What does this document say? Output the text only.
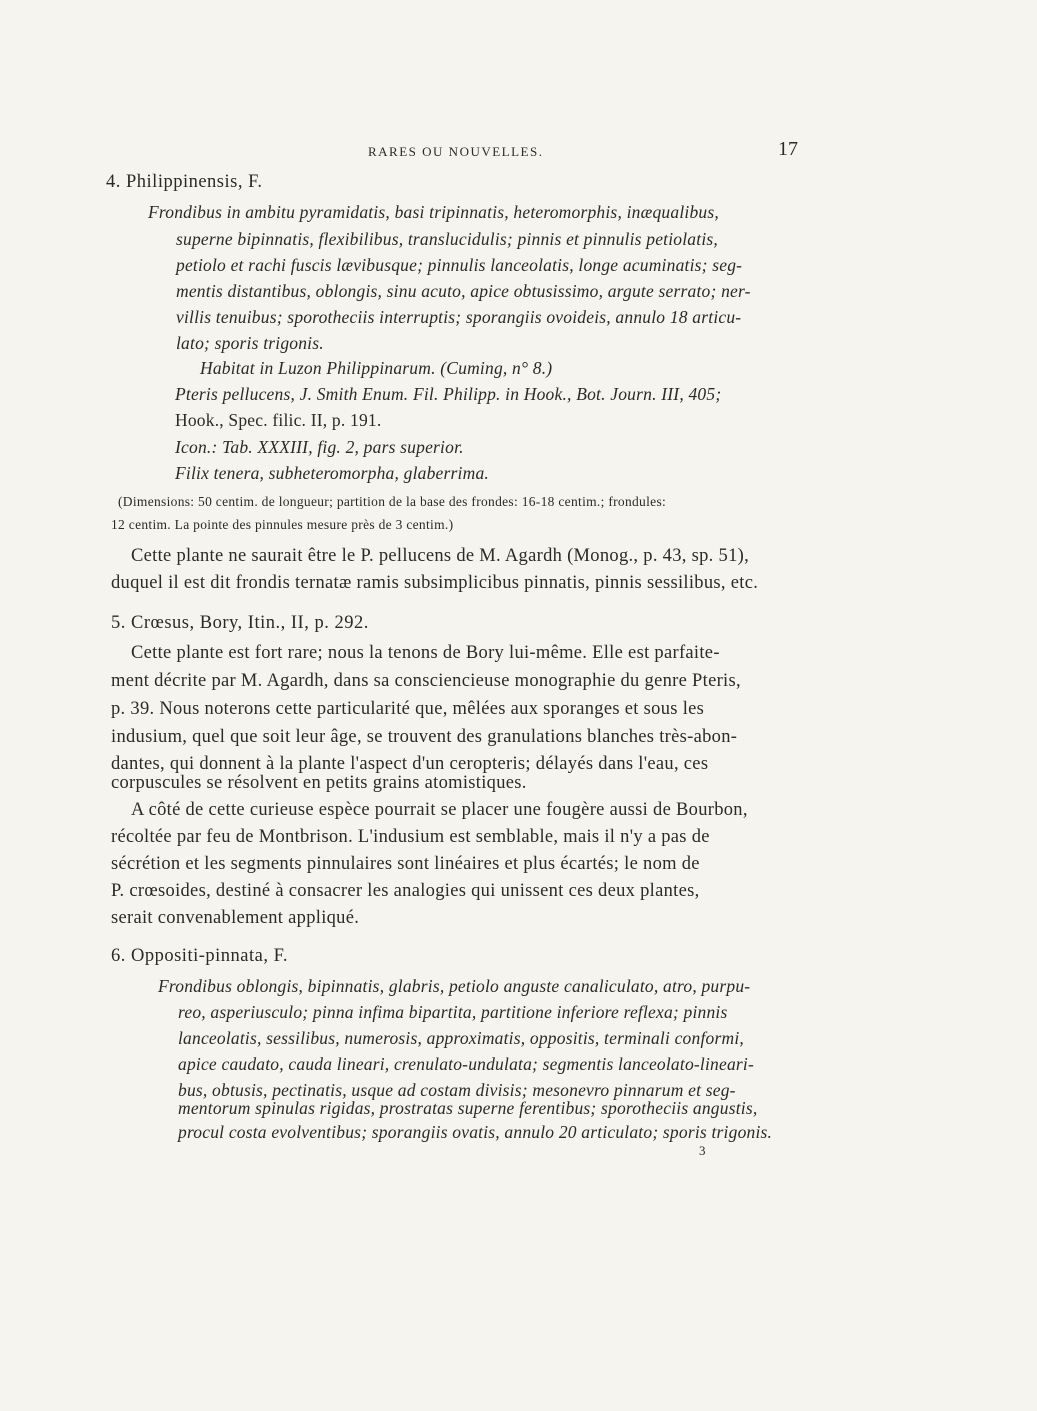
RARES OU NOUVELLES.	17
4. Philippinensis, F.
Frondibus in ambitu pyramidatis, basi tripinnatis, heteromorphis, inæqualibus,
superne bipinnatis, flexibilibus, translucidulis; pinnis et pinnulis petiolatis,
petiolo et rachi fuscis lævibusque; pinnulis lanceolatis, longe acuminatis; seg-
mentis distantibus, oblongis, sinu acuto, apice obtusissimo, argute serrato; ner-
villis tenuibus; sporotheciis interruptis; sporangiis ovoideis, annulo 18 articu-
lato; sporis trigonis.
Habitat in Luzon Philippinarum. (Cuming, n° 8.)
Pteris pellucens, J. Smith Enum. Fil. Philipp. in Hook., Bot. Journ. III, 405;
Hook., Spec. filic. II, p. 191.
Icon.: Tab. XXXIII, fig. 2, pars superior.
Filix tenera, subheteromorpha, glaberrima.
(Dimensions: 50 centim. de longueur; partition de la base des frondes: 16-18 centim.; frondules:
12 centim. La pointe des pinnules mesure près de 3 centim.)
Cette plante ne saurait être le P. pellucens de M. Agardh (Monog., p. 43, sp. 51),
duquel il est dit frondis ternatæ ramis subsimplicibus pinnatis, pinnis sessilibus, etc.
5. Crœsus, Bory, Itin., II, p. 292.
Cette plante est fort rare; nous la tenons de Bory lui-même. Elle est parfaite-
ment décrite par M. Agardh, dans sa consciencieuse monographie du genre Pteris,
p. 39. Nous noterons cette particularité que, mêlées aux sporanges et sous les
indusium, quel que soit leur âge, se trouvent des granulations blanches très-abon-
dantes, qui donnent à la plante l'aspect d'un ceropteris; délayés dans l'eau, ces
corpuscules se résolvent en petits grains atomistiques.
A côté de cette curieuse espèce pourrait se placer une fougère aussi de Bourbon,
récoltée par feu de Montbrison. L'indusium est semblable, mais il n'y a pas de
sécrétion et les segments pinnulaires sont linéaires et plus écartés; le nom de
P. crœsoides, destiné à consacrer les analogies qui unissent ces deux plantes,
serait convenablement appliqué.
6. Oppositi-pinnata, F.
Frondibus oblongis, bipinnatis, glabris, petiolo anguste canaliculato, atro, purpu-
reo, asperiusculo; pinna infima bipartita, partitione inferiore reflexa; pinnis
lanceolatis, sessilibus, numerosis, approximatis, oppositis, terminali conformi,
apice caudato, cauda lineari, crenulato-undulata; segmentis lanceolato-lineari-
bus, obtusis, pectinatis, usque ad costam divisis; mesonevro pinnarum et seg-
mentorum spinulas rigidas, prostratas superne ferentibus; sporotheciis angustis,
procul costa evolventibus; sporangiis ovatis, annulo 20 articulato; sporis trigonis.
3
